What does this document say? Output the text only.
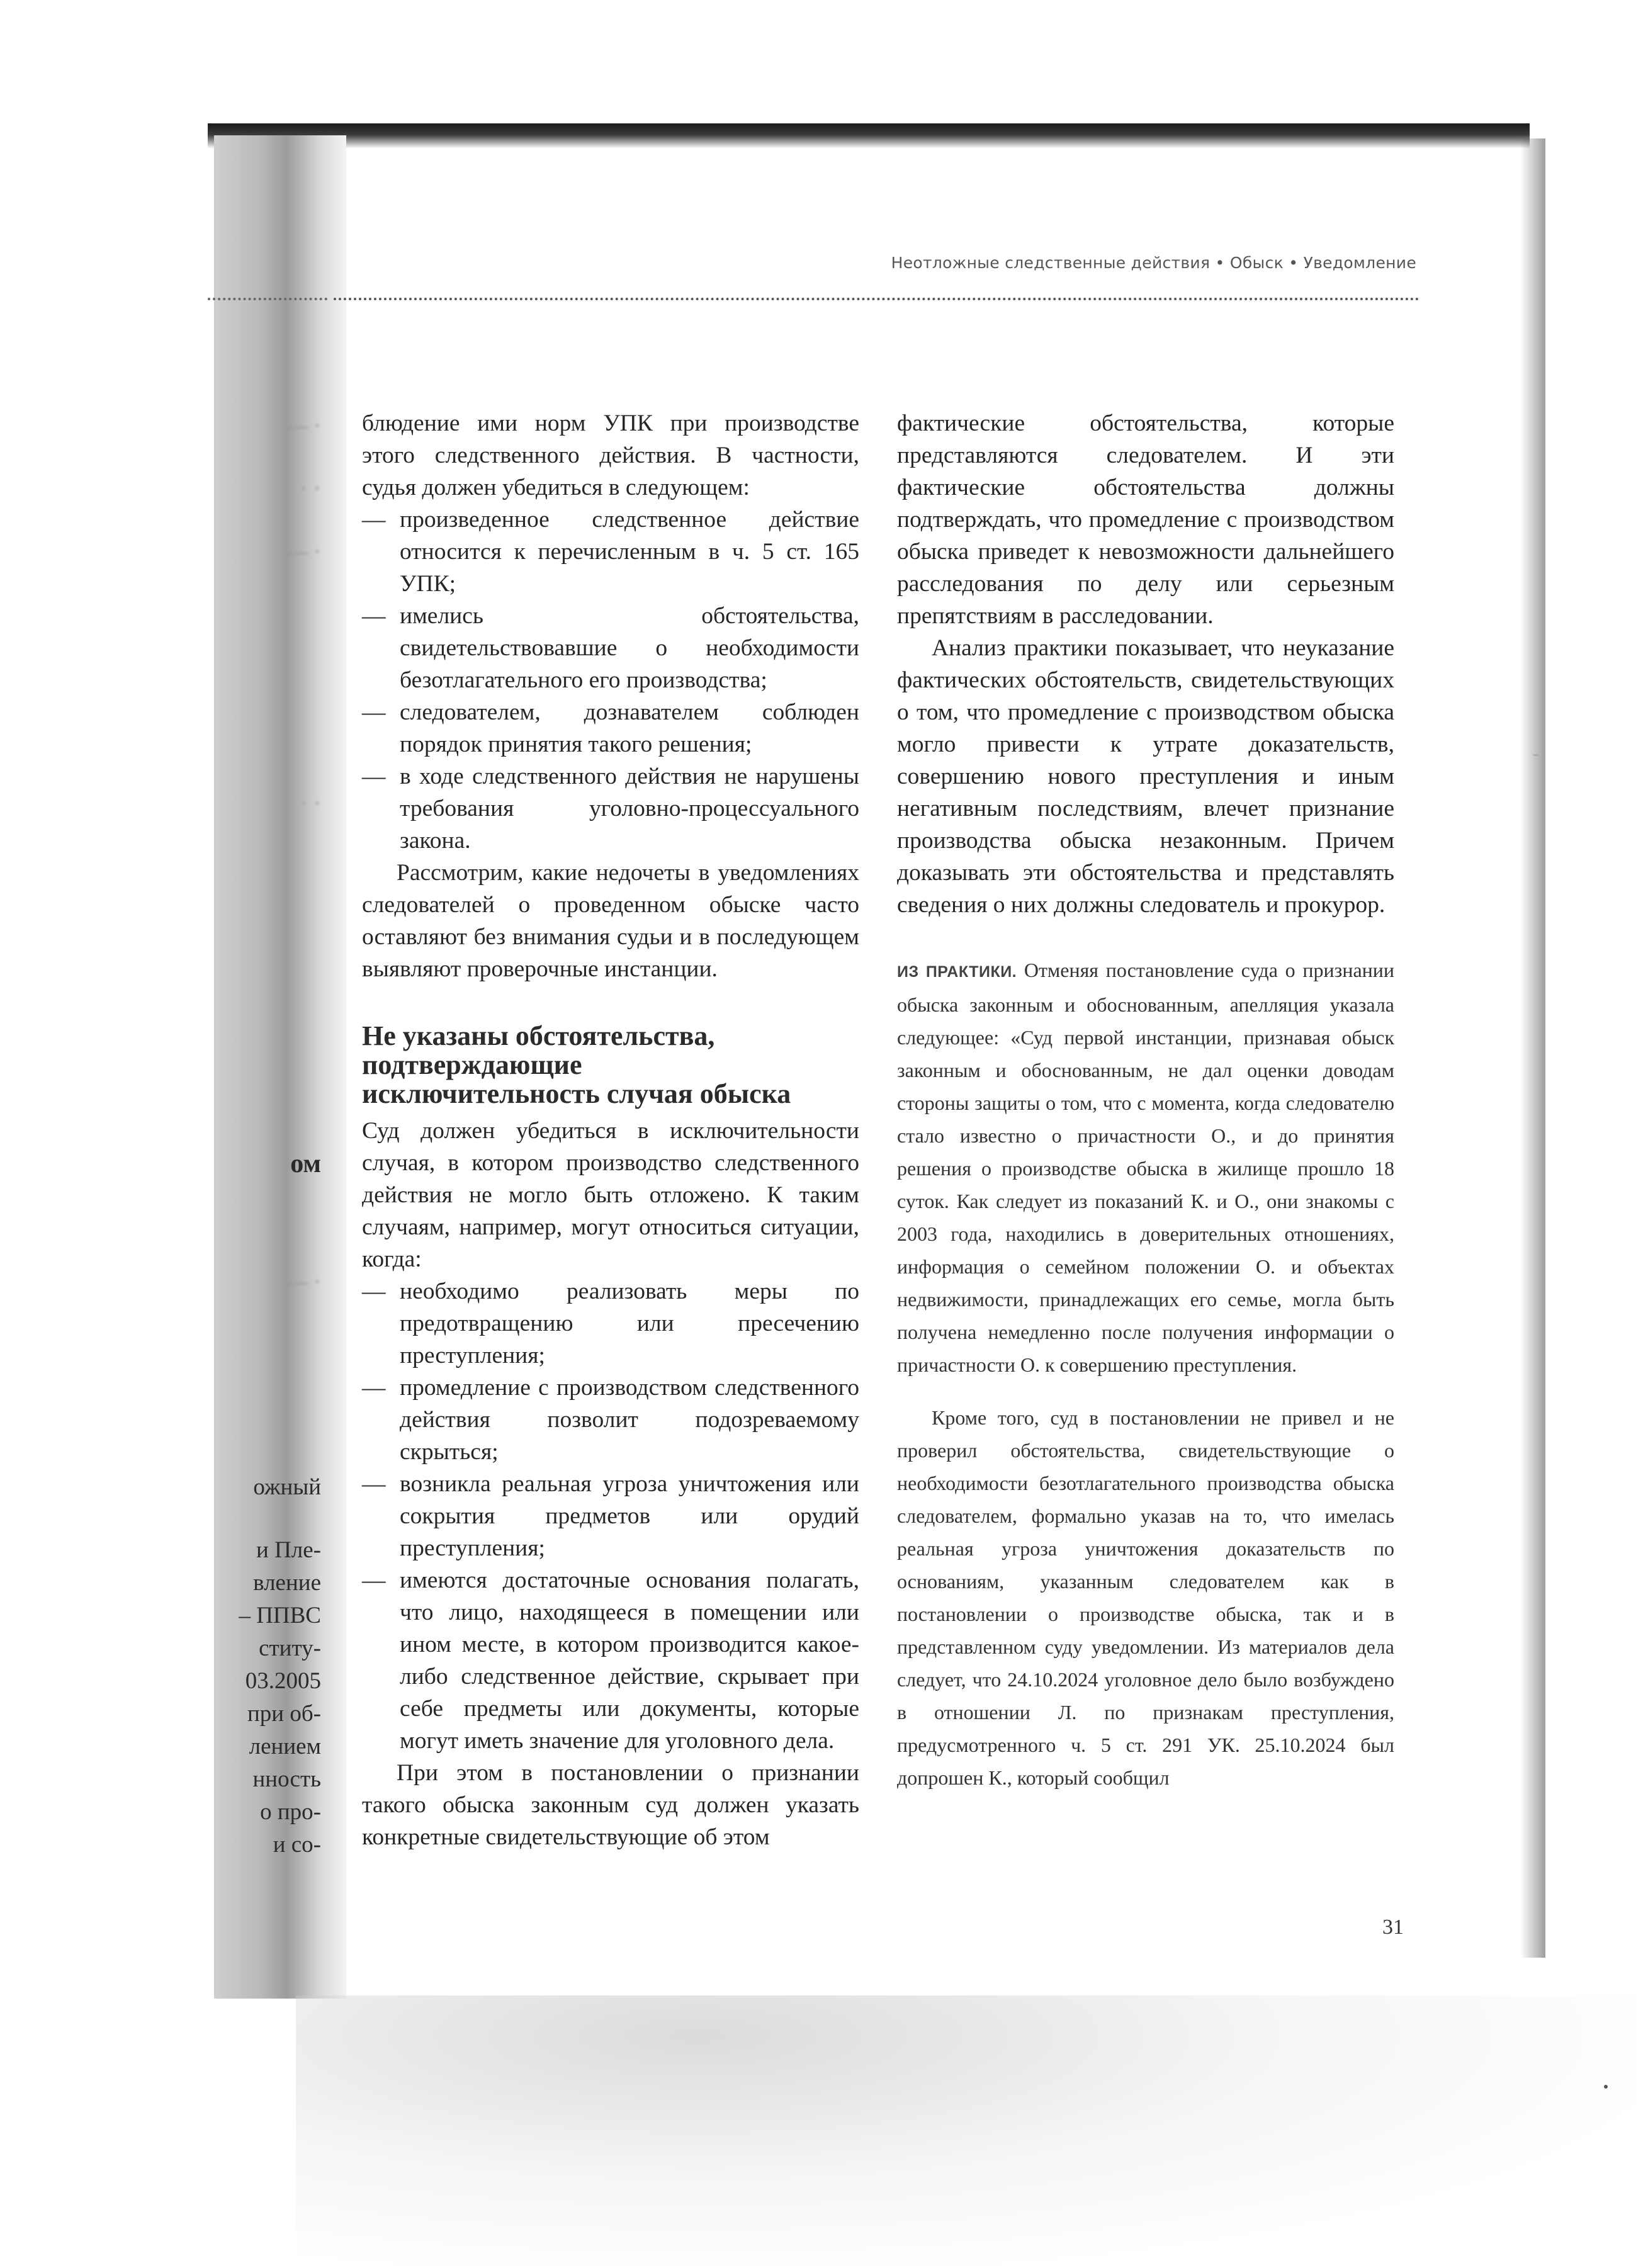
— ·
· ·
— ·
· ·
ом
— ·
ожный
и Пле-
вление
– ППВС
ститу-
03.2005
при об-
лением
нность
о про-
и со-
Неотложные следственные действия • Обыск • Уведомление

блюдение ими норм УПК при производстве этого следственного действия. В частности, судья должен убедиться в следующем:

— произведенное следственное действие относится к перечисленным в ч. 5 ст. 165 УПК;
— имелись обстоятельства, свидетельствовавшие о необходимости безотлагательного его производства;
— следователем, дознавателем соблюден порядок принятия такого решения;
— в ходе следственного действия не нарушены требования уголовно-процессуального закона.

Рассмотрим, какие недочеты в уведомлениях следователей о проведенном обыске часто оставляют без внимания судьи и в последующем выявляют проверочные инстанции.

Не указаны обстоятельства,
подтверждающие
исключительность случая обыска

Суд должен убедиться в исключительности случая, в котором производство следственного действия не могло быть отложено. К таким случаям, например, могут относиться ситуации, когда:

— необходимо реализовать меры по предотвращению или пресечению преступления;
— промедление с производством следственного действия позволит подозреваемому скрыться;
— возникла реальная угроза уничтожения или сокрытия предметов или орудий преступления;
— имеются достаточные основания полагать, что лицо, находящееся в помещении или ином месте, в котором производится какое-либо следственное действие, скрывает при себе предметы или документы, которые могут иметь значение для уголовного дела.

При этом в постановлении о признании такого обыска законным суд должен указать конкретные свидетельствующие об этом

фактические обстоятельства, которые представляются следователем. И эти фактические обстоятельства должны подтверждать, что промедление с производством обыска приведет к невозможности дальнейшего расследования по делу или серьезным препятствиям в расследовании.

Анализ практики показывает, что неуказание фактических обстоятельств, свидетельствующих о том, что промедление с производством обыска могло привести к утрате доказательств, совершению нового преступления и иным негативным последствиям, влечет признание производства обыска незаконным. Причем доказывать эти обстоятельства и представлять сведения о них должны следователь и прокурор.

ИЗ ПРАКТИКИ. Отменяя постановление суда о признании обыска законным и обоснованным, апелляция указала следующее: «Суд первой инстанции, признавая обыск законным и обоснованным, не дал оценки доводам стороны защиты о том, что с момента, когда следователю стало известно о причастности О., и до принятия решения о производстве обыска в жилище прошло 18 суток. Как следует из показаний К. и О., они знакомы с 2003 года, находились в доверительных отношениях, информация о семейном положении О. и объектах недвижимости, принадлежащих его семье, могла быть получена немедленно после получения информации о причастности О. к совершению преступления.

Кроме того, суд в постановлении не привел и не проверил обстоятельства, свидетельствующие о необходимости безотлагательного производства обыска следователем, формально указав на то, что имелась реальная угроза уничтожения доказательств по основаниям, указанным следователем как в постановлении о производстве обыска, так и в представленном суду уведомлении. Из материалов дела следует, что 24.10.2024 уголовное дело было возбуждено в отношении Л. по признакам преступления, предусмотренного ч. 5 ст. 291 УК. 25.10.2024 был допрошен К., который сообщил

31
